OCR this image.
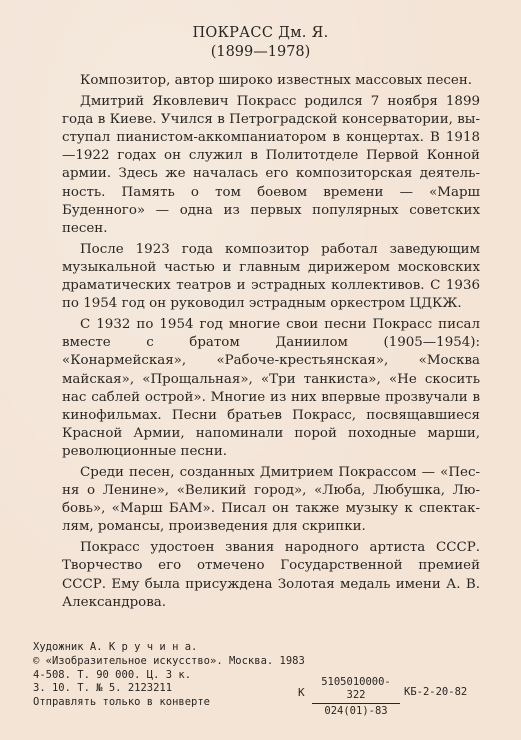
ПОКРАСС Дм. Я.
(1899—1978)

Композитор, автор широко известных массовых песен.

Дмитрий Яковлевич Покрасс родился 7 ноября 1899 года в Киеве. Учился в Петроградской консерватории, выступал пианистом-аккомпаниатором в концертах. В 1918—1922 годах он служил в Политотделе Первой Конной армии. Здесь же началась его композиторская деятельность. Память о том боевом времени — «Марш Буденного» — одна из первых популярных советских песен.

После 1923 года композитор работал заведующим музыкальной частью и главным дирижером московских драматических театров и эстрадных коллективов. С 1936 по 1954 год он руководил эстрадным оркестром ЦДКЖ.

С 1932 по 1954 год многие свои песни Покрасс писал вместе с братом Даниилом (1905—1954): «Конармейская», «Рабоче-крестьянская», «Москва майская», «Прощальная», «Три танкиста», «Не скосить нас саблей острой». Многие из них впервые прозвучали в кинофильмах. Песни братьев Покрасс, посвящавшиеся Красной Армии, напоминали порой походные марши, революционные песни.

Среди песен, созданных Дмитрием Покрассом — «Песня о Ленине», «Великий город», «Люба, Любушка, Любовь», «Марш БАМ». Писал он также музыку к спектаклям, романсы, произведения для скрипки.

Покрасс удостоен звания народного артиста СССР. Творчество его отмечено Государственной премией СССР. Ему была присуждена Золотая медаль имени А. В. Александрова.

Художник А. К р у ч и н а.
© «Изобразительное искусство». Москва. 1983
4-508. Т. 90 000. Ц. 3 к.
З. 10. Т. № 5. 2123211
Отправлять только в конверте
К $\frac{5105010000-322}{024(01)-83} КБ-2-20-82$
